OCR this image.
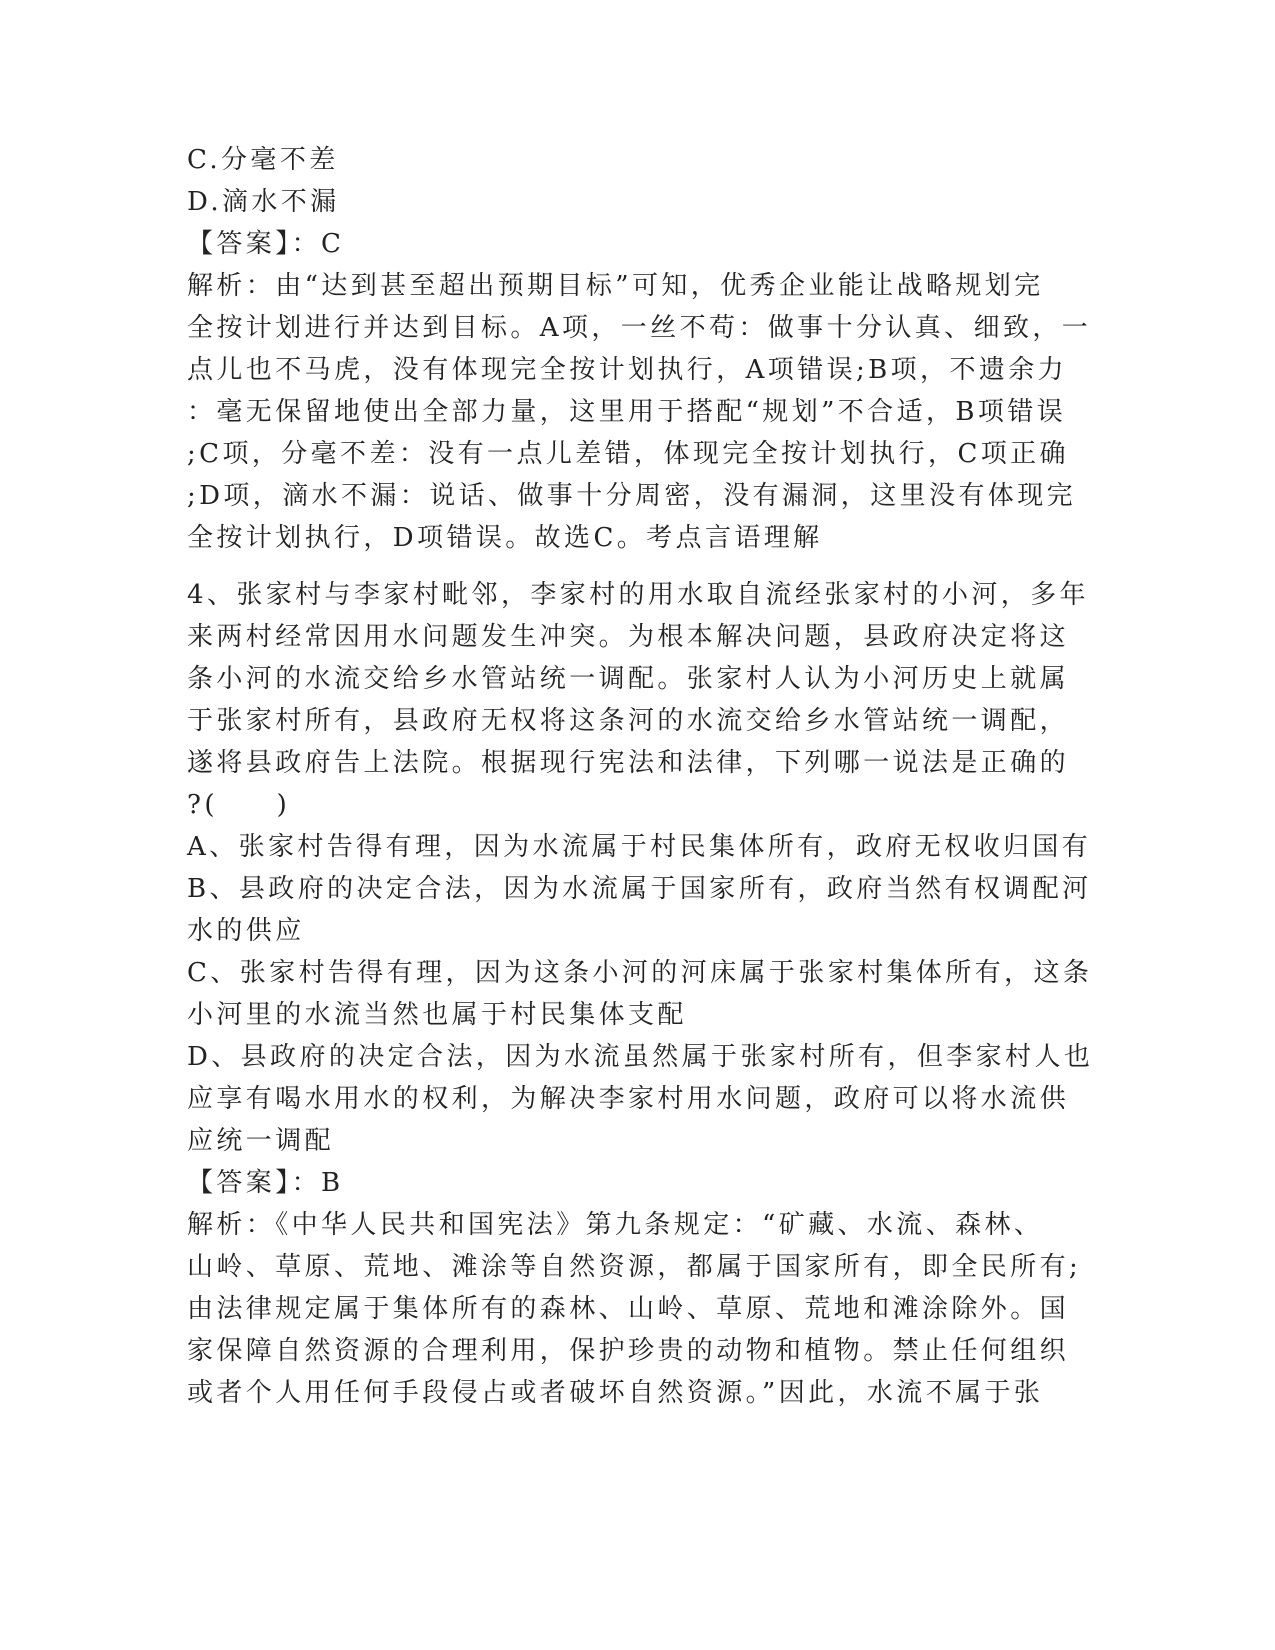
C.分毫不差

D.滴水不漏

【答案】：C

解析：由“达到甚至超出预期目标”可知，优秀企业能让战略规划完

全按计划进行并达到目标。A项，一丝不苟：做事十分认真、细致，一

点儿也不马虎，没有体现完全按计划执行，A项错误;B项，不遗余力

：毫无保留地使出全部力量，这里用于搭配“规划”不合适，B项错误

;C项，分毫不差：没有一点儿差错，体现完全按计划执行，C项正确

;D项，滴水不漏：说话、做事十分周密，没有漏洞，这里没有体现完

全按计划执行，D项错误。故选C。考点言语理解

4、张家村与李家村毗邻，李家村的用水取自流经张家村的小河，多年

来两村经常因用水问题发生冲突。为根本解决问题，县政府决定将这

条小河的水流交给乡水管站统一调配。张家村人认为小河历史上就属

于张家村所有，县政府无权将这条河的水流交给乡水管站统一调配，

遂将县政府告上法院。根据现行宪法和法律，下列哪一说法是正确的

?(　　)

A、张家村告得有理，因为水流属于村民集体所有，政府无权收归国有

B、县政府的决定合法，因为水流属于国家所有，政府当然有权调配河

水的供应

C、张家村告得有理，因为这条小河的河床属于张家村集体所有，这条

小河里的水流当然也属于村民集体支配

D、县政府的决定合法，因为水流虽然属于张家村所有，但李家村人也

应享有喝水用水的权利，为解决李家村用水问题，政府可以将水流供

应统一调配

【答案】：B

解析：《中华人民共和国宪法》第九条规定：“矿藏、水流、森林、

山岭、草原、荒地、滩涂等自然资源，都属于国家所有，即全民所有;

由法律规定属于集体所有的森林、山岭、草原、荒地和滩涂除外。国

家保障自然资源的合理利用，保护珍贵的动物和植物。禁止任何组织

或者个人用任何手段侵占或者破坏自然资源。”因此，水流不属于张
